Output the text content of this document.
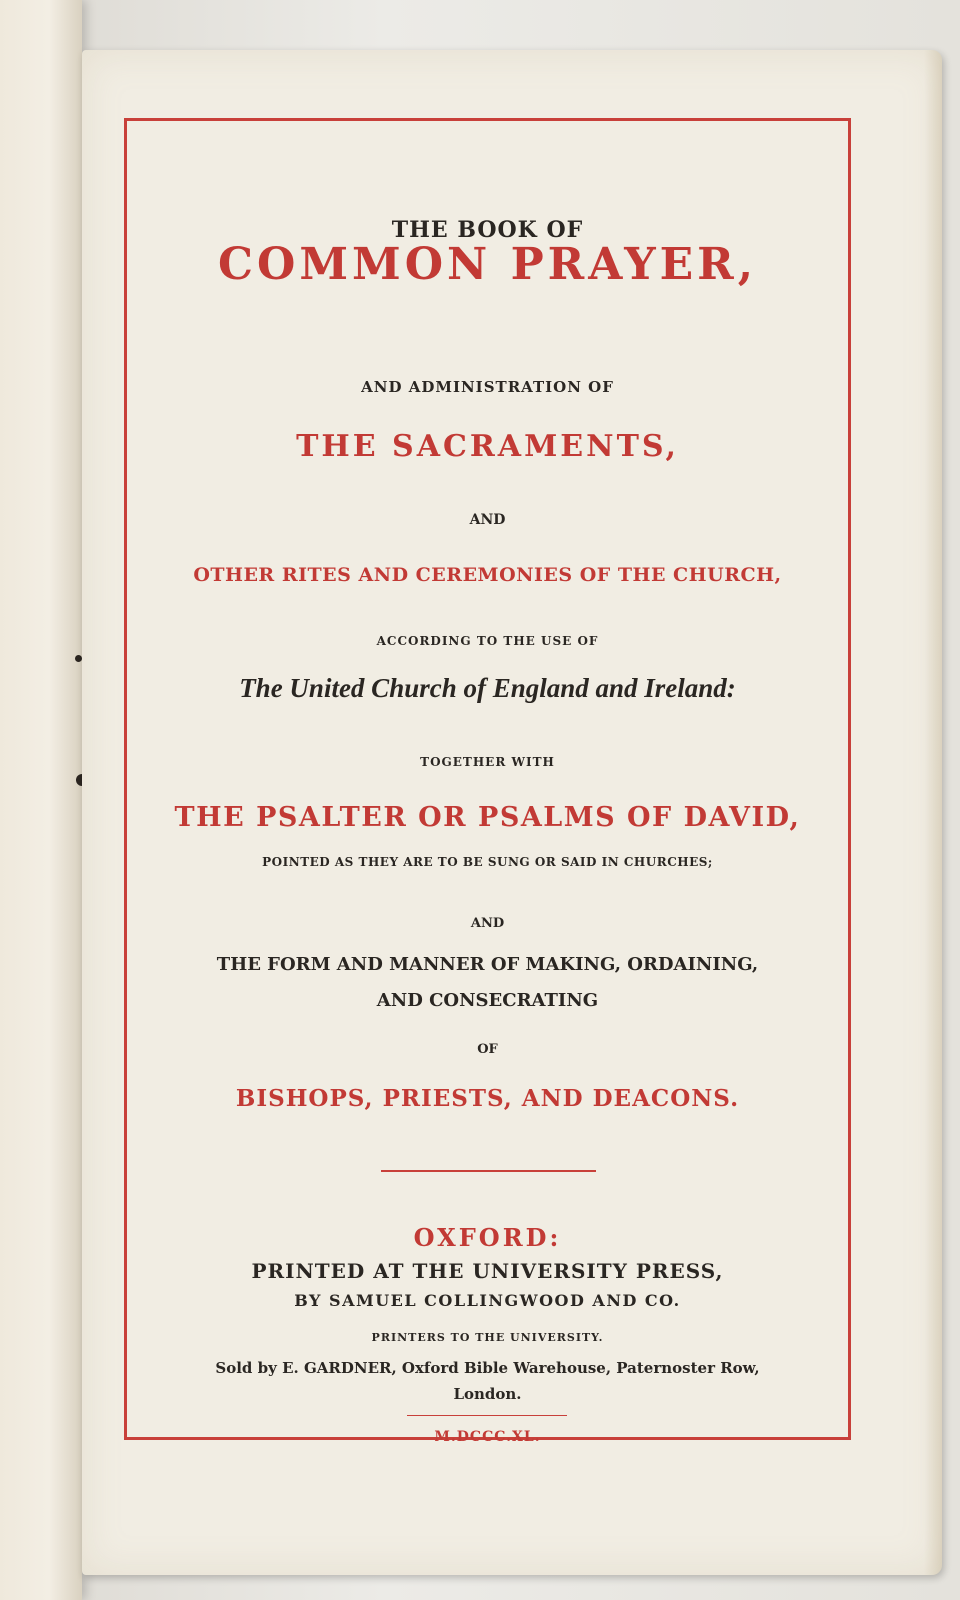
THE BOOK OF
COMMON PRAYER,
AND ADMINISTRATION OF
THE SACRAMENTS,
AND
OTHER RITES AND CEREMONIES OF THE CHURCH,
ACCORDING TO THE USE OF
The United Church of England and Ireland:
TOGETHER WITH
THE PSALTER OR PSALMS OF DAVID,
POINTED AS THEY ARE TO BE SUNG OR SAID IN CHURCHES;
AND
THE FORM AND MANNER OF MAKING, ORDAINING,
AND CONSECRATING
OF
BISHOPS, PRIESTS, AND DEACONS.
OXFORD:
PRINTED AT THE UNIVERSITY PRESS,
BY SAMUEL COLLINGWOOD AND CO.
PRINTERS TO THE UNIVERSITY.
Sold by E. GARDNER, Oxford Bible Warehouse, Paternoster Row,
London.
M.DCCC.XL.
